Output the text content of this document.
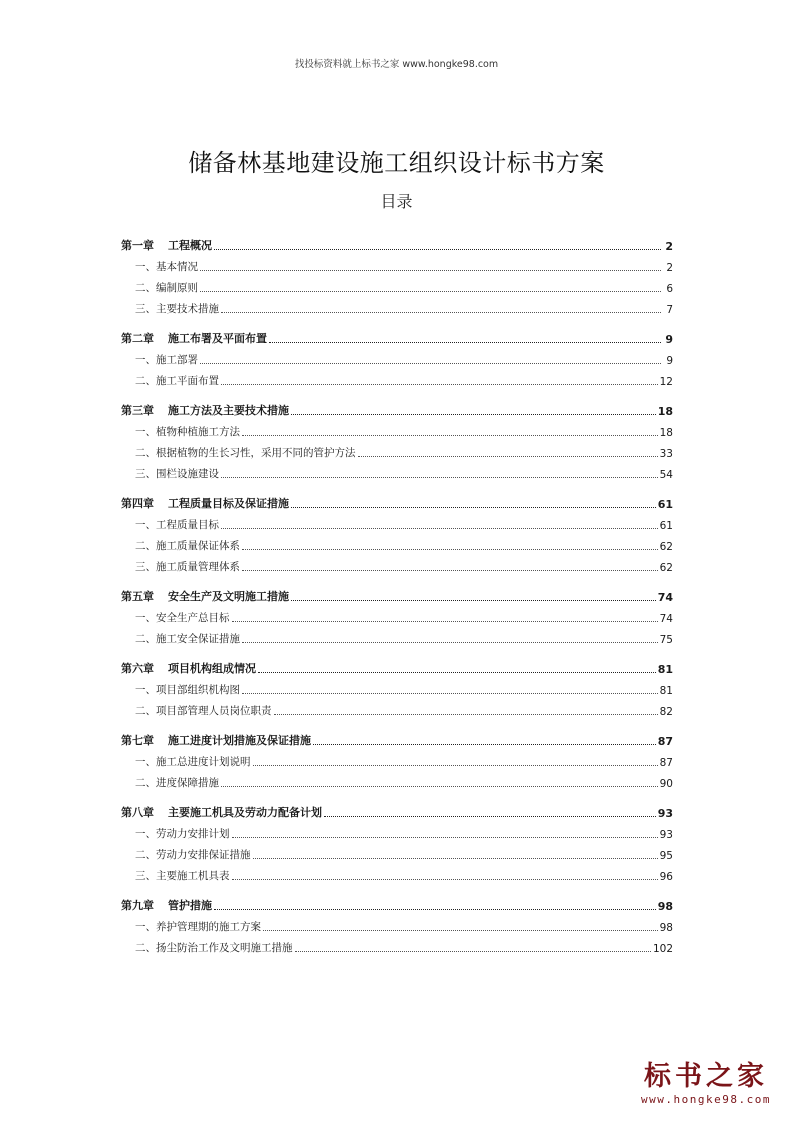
找投标资料就上标书之家 www.hongke98.com
储备林基地建设施工组织设计标书方案
目录
第一章 工程概况	2
一、基本情况	2
二、编制原则	6
三、主要技术措施	7
第二章 施工布署及平面布置	9
一、施工部署	9
二、施工平面布置	12
第三章 施工方法及主要技术措施	18
一、植物种植施工方法	18
二、根据植物的生长习性，采用不同的管护方法	33
三、围栏设施建设	54
第四章 工程质量目标及保证措施	61
一、工程质量目标	61
二、施工质量保证体系	62
三、施工质量管理体系	62
第五章 安全生产及文明施工措施	74
一、安全生产总目标	74
二、施工安全保证措施	75
第六章 项目机构组成情况	81
一、项目部组织机构图	81
二、项目部管理人员岗位职责	82
第七章 施工进度计划措施及保证措施	87
一、施工总进度计划说明	87
二、进度保障措施	90
第八章 主要施工机具及劳动力配备计划	93
一、劳动力安排计划	93
二、劳动力安排保证措施	95
三、主要施工机具表	96
第九章 管护措施	98
一、养护管理期的施工方案	98
二、扬尘防治工作及文明施工措施	102
标书之家
www.hongke98.com
